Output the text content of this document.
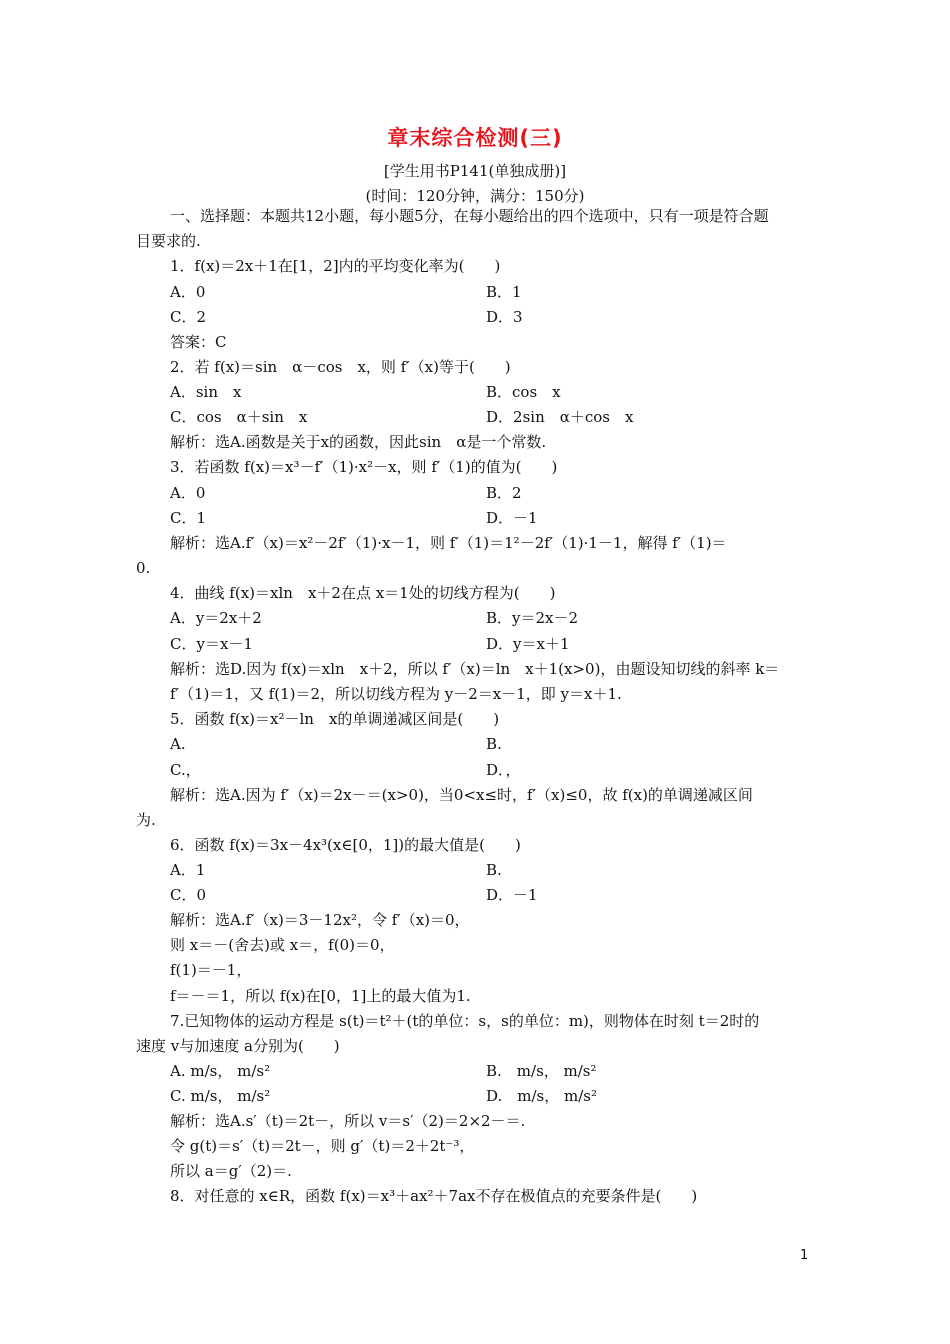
章末综合检测(三)
[学生用书P141(单独成册)]
(时间：120分钟，满分：150分)
一、选择题：本题共12小题，每小题5分，在每小题给出的四个选项中，只有一项是符合题
目要求的.
1．f(x)＝2x＋1在[1，2]内的平均变化率为(　　)
A．0	B．1
C．2	D．3
答案：C
2．若 f(x)＝sin　α－cos　x，则 f′（x)等于(　　)
A．sin　x	B．cos　x
C．cos　α＋sin　x	D．2sin　α＋cos　x
解析：选A.函数是关于x的函数，因此sin　α是一个常数.
3．若函数 f(x)＝x³－f′（1)·x²－x，则 f′（1)的值为(　　)
A．0	B．2
C．1	D．－1
解析：选A.f′（x)＝x²－2f′（1)·x－1，则 f′（1)＝1²－2f′（1)·1－1，解得 f′（1)＝
0.
4．曲线 f(x)＝xln　x＋2在点 x＝1处的切线方程为(　　)
A．y＝2x＋2	B．y＝2x－2
C．y＝x－1	D．y＝x＋1
解析：选D.因为 f(x)＝xln　x＋2，所以 f′（x)＝ln　x＋1(x>0)，由题设知切线的斜率 k＝
f′（1)＝1，又 f(1)＝2，所以切线方程为 y－2＝x－1，即 y＝x＋1.
5．函数 f(x)＝x²－ln　x的单调递减区间是(　　)
A.	B.
C.，	D．，
解析：选A.因为 f′（x)＝2x－＝(x>0)，当0<x≤时，f′（x)≤0，故 f(x)的单调递减区间
为.
6．函数 f(x)＝3x－4x³(x∈[0，1])的最大值是(　　)
A．1	B.
C．0	D．－1
解析：选A.f′（x)＝3－12x²，令 f′（x)＝0，
则 x＝－(舍去)或 x＝，f(0)＝0，
f(1)＝－1，
f＝－＝1，所以 f(x)在[0，1]上的最大值为1.
7.已知物体的运动方程是 s(t)＝t²＋(t的单位：s，s的单位：m)，则物体在时刻 t＝2时的
速度 v与加速度 a分别为(　　)
A. m/s， m/s²	B.　m/s， m/s²
C. m/s， m/s²	D.　m/s， m/s²
解析：选A.s′（t)＝2t－，所以 v＝s′（2)＝2×2－＝.
令 g(t)＝s′（t)＝2t－，则 g′（t)＝2＋2t⁻³，
所以 a＝g′（2)＝.
8．对任意的 x∈R，函数 f(x)＝x³＋ax²＋7ax不存在极值点的充要条件是(　　)
1
